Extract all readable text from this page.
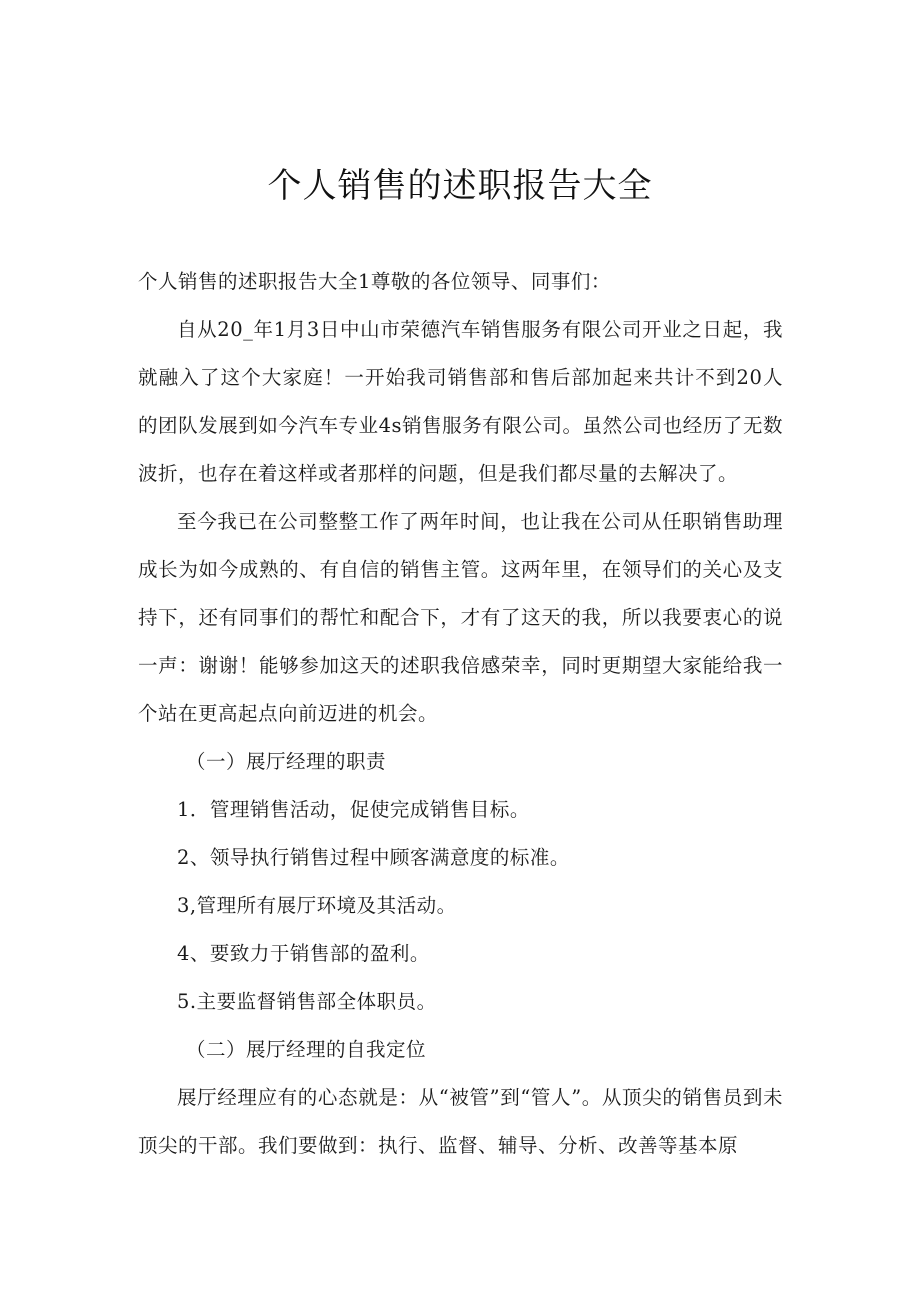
个人销售的述职报告大全

个人销售的述职报告大全1尊敬的各位领导、同事们：

自从20_年1月3日中山市荣德汽车销售服务有限公司开业之日起，我就融入了这个大家庭！一开始我司销售部和售后部加起来共计不到20人的团队发展到如今汽车专业4s销售服务有限公司。虽然公司也经历了无数波折，也存在着这样或者那样的问题，但是我们都尽量的去解决了。

至今我已在公司整整工作了两年时间，也让我在公司从任职销售助理成长为如今成熟的、有自信的销售主管。这两年里，在领导们的关心及支持下，还有同事们的帮忙和配合下，才有了这天的我，所以我要衷心的说一声：谢谢！能够参加这天的述职我倍感荣幸，同时更期望大家能给我一个站在更高起点向前迈进的机会。

（一）展厅经理的职责

1．管理销售活动，促使完成销售目标。

2、领导执行销售过程中顾客满意度的标准。

3,管理所有展厅环境及其活动。

4、要致力于销售部的盈利。

5.主要监督销售部全体职员。

（二）展厅经理的自我定位

展厅经理应有的心态就是：从“被管”到“管人”。从顶尖的销售员到未顶尖的干部。我们要做到：执行、监督、辅导、分析、改善等基本原
